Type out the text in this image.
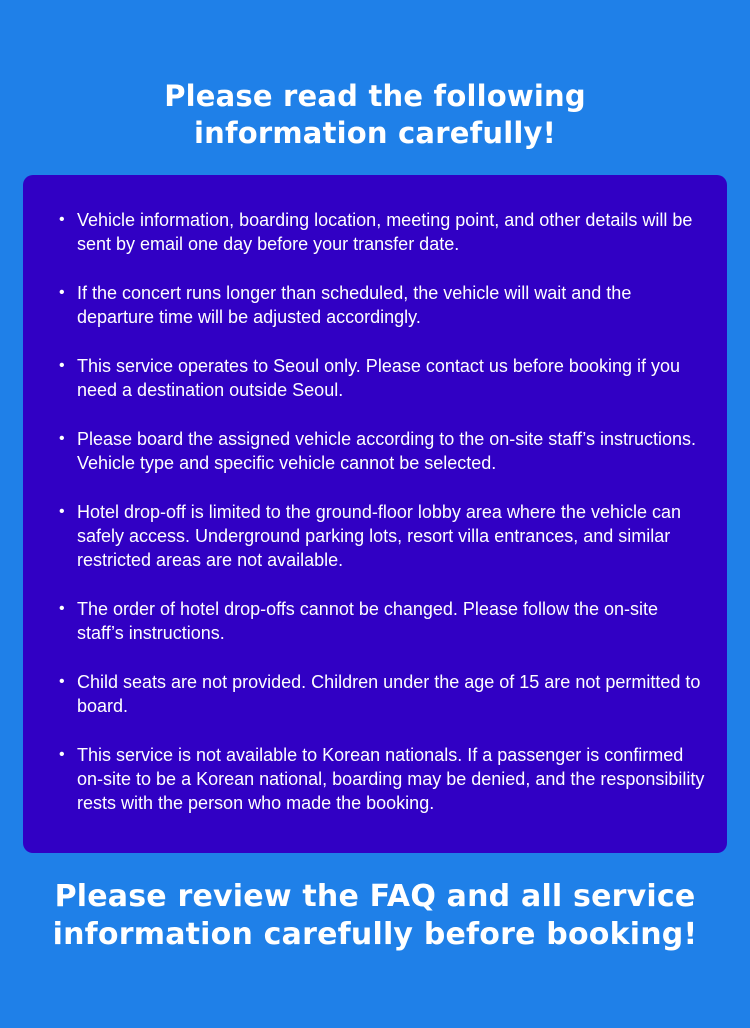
Please read the following
information carefully!
• Vehicle information, boarding location, meeting point, and other details will be sent by email one day before your transfer date.
• If the concert runs longer than scheduled, the vehicle will wait and the departure time will be adjusted accordingly.
• This service operates to Seoul only. Please contact us before booking if you need a destination outside Seoul.
• Please board the assigned vehicle according to the on-site staff’s instructions. Vehicle type and specific vehicle cannot be selected.
• Hotel drop-off is limited to the ground-floor lobby area where the vehicle can safely access. Underground parking lots, resort villa entrances, and similar restricted areas are not available.
• The order of hotel drop-offs cannot be changed. Please follow the on-site staff’s instructions.
• Child seats are not provided. Children under the age of 15 are not permitted to board.
• This service is not available to Korean nationals. If a passenger is confirmed on-site to be a Korean national, boarding may be denied, and the responsibility rests with the person who made the booking.
Please review the FAQ and all service
information carefully before booking!
